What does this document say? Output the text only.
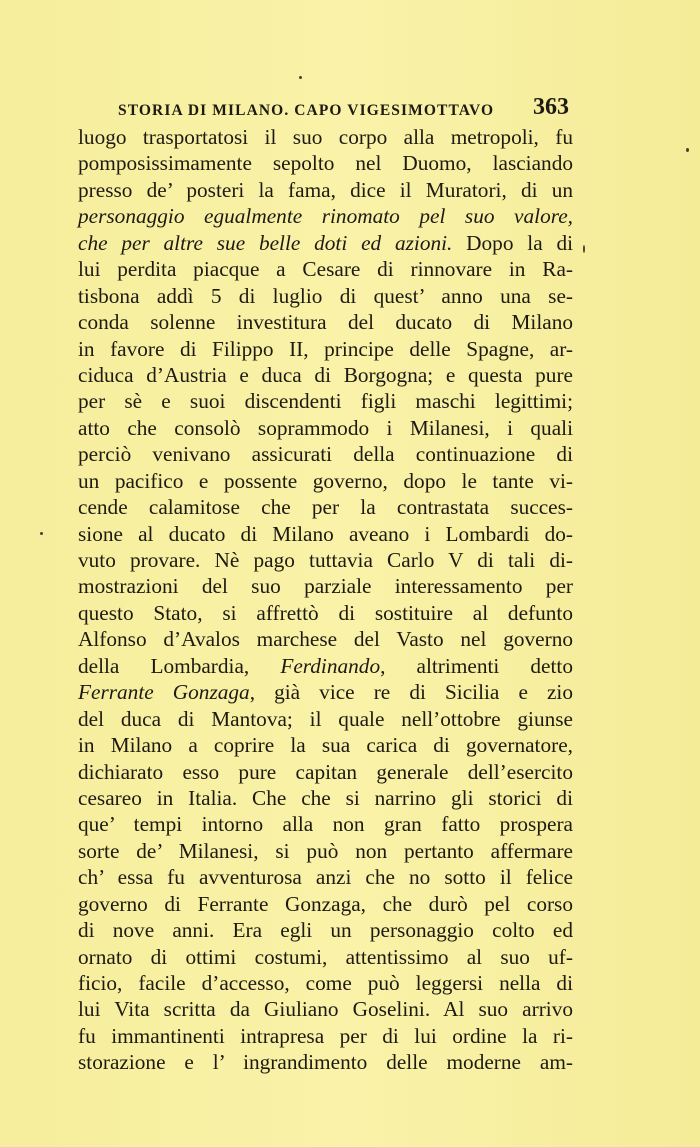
STORIA DI MILANO. CAPO VIGESIMOTTAVO 363
luogo trasportatosi il suo corpo alla metropoli, fu
pomposissimamente sepolto nel Duomo, lasciando
presso de’ posteri la fama, dice il Muratori, di un
personaggio egualmente rinomato pel suo valore,
che per altre sue belle doti ed azioni. Dopo la di
lui perdita piacque a Cesare di rinnovare in Ra-
tisbona addì 5 di luglio di quest’ anno una se-
conda solenne investitura del ducato di Milano
in favore di Filippo II, principe delle Spagne, ar-
ciduca d’Austria e duca di Borgogna; e questa pure
per sè e suoi discendenti figli maschi legittimi;
atto che consolò soprammodo i Milanesi, i quali
perciò venivano assicurati della continuazione di
un pacifico e possente governo, dopo le tante vi-
cende calamitose che per la contrastata succes-
sione al ducato di Milano aveano i Lombardi do-
vuto provare. Nè pago tuttavia Carlo V di tali di-
mostrazioni del suo parziale interessamento per
questo Stato, si affrettò di sostituire al defunto
Alfonso d’Avalos marchese del Vasto nel governo
della Lombardia, Ferdinando, altrimenti detto
Ferrante Gonzaga, già vice re di Sicilia e zio
del duca di Mantova; il quale nell’ottobre giunse
in Milano a coprire la sua carica di governatore,
dichiarato esso pure capitan generale dell’esercito
cesareo in Italia. Che che si narrino gli storici di
que’ tempi intorno alla non gran fatto prospera
sorte de’ Milanesi, si può non pertanto affermare
ch’ essa fu avventurosa anzi che no sotto il felice
governo di Ferrante Gonzaga, che durò pel corso
di nove anni. Era egli un personaggio colto ed
ornato di ottimi costumi, attentissimo al suo uf-
ficio, facile d’accesso, come può leggersi nella di
lui Vita scritta da Giuliano Goselini. Al suo arrivo
fu immantinenti intrapresa per di lui ordine la ri-
storazione e l’ ingrandimento delle moderne am-
